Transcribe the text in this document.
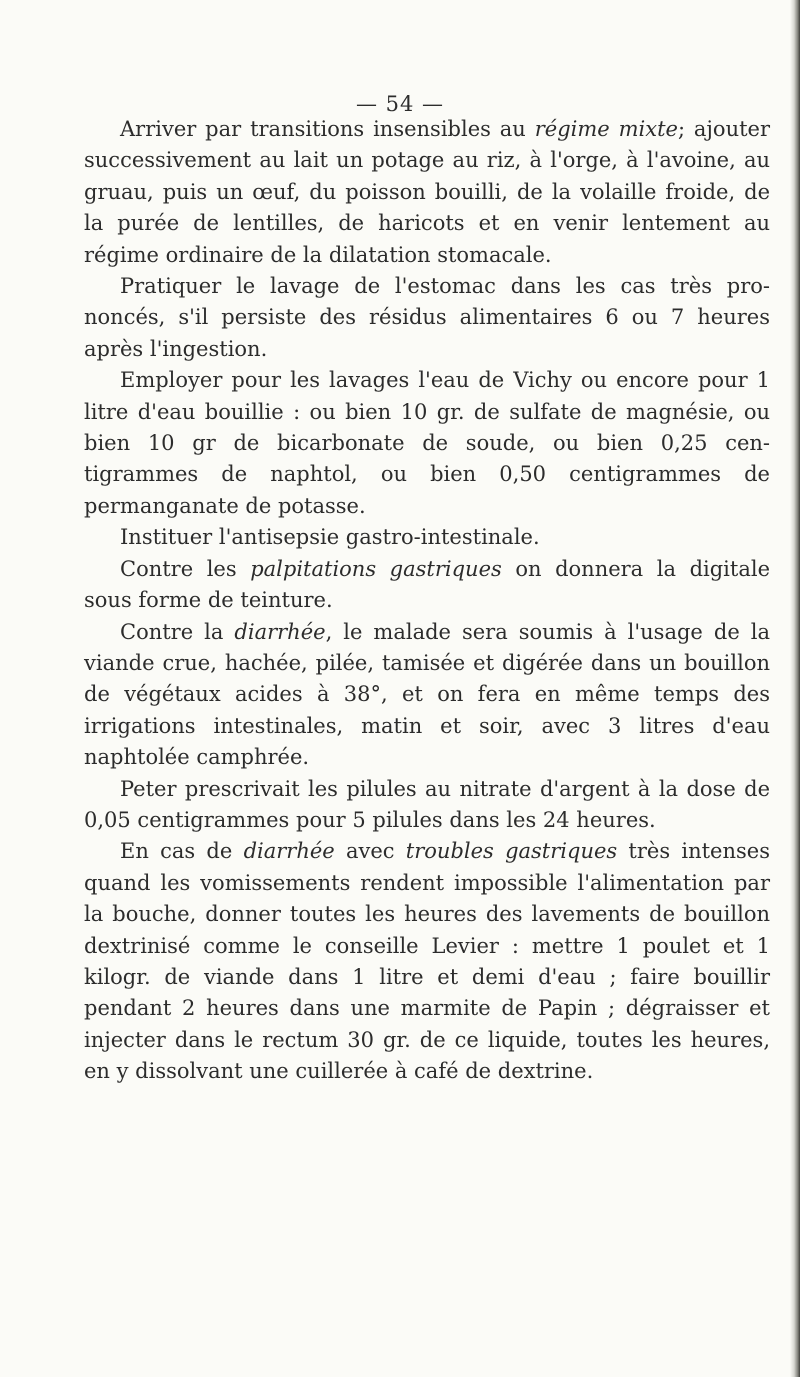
— 54 —

Arriver par transitions insensibles au régime mixte; ajouter successivement au lait un potage au riz, à l'orge, à l'avoine, au gruau, puis un œuf, du poisson bouilli, de la volaille froide, de la purée de lentilles, de haricots et en venir lentement au régime ordinaire de la dilatation stomacale.

Pratiquer le lavage de l'estomac dans les cas très pro-noncés, s'il persiste des résidus alimentaires 6 ou 7 heures après l'ingestion.

Employer pour les lavages l'eau de Vichy ou encore pour 1 litre d'eau bouillie : ou bien 10 gr. de sulfate de magnésie, ou bien 10 gr de bicarbonate de soude, ou bien 0,25 cen-tigrammes de naphtol, ou bien 0,50 centigrammes de permanganate de potasse.

Instituer l'antisepsie gastro-intestinale.

Contre les palpitations gastriques on donnera la digitale sous forme de teinture.

Contre la diarrhée, le malade sera soumis à l'usage de la viande crue, hachée, pilée, tamisée et digérée dans un bouillon de végétaux acides à 38°, et on fera en même temps des irrigations intestinales, matin et soir, avec 3 litres d'eau naphtolée camphrée.

Peter prescrivait les pilules au nitrate d'argent à la dose de 0,05 centigrammes pour 5 pilules dans les 24 heures.

En cas de diarrhée avec troubles gastriques très intenses quand les vomissements rendent impossible l'alimentation par la bouche, donner toutes les heures des lavements de bouillon dextrinisé comme le conseille Levier : mettre 1 poulet et 1 kilogr. de viande dans 1 litre et demi d'eau ; faire bouillir pendant 2 heures dans une marmite de Papin ; dégraisser et injecter dans le rectum 30 gr. de ce liquide, toutes les heures, en y dissolvant une cuillerée à café de dextrine.
